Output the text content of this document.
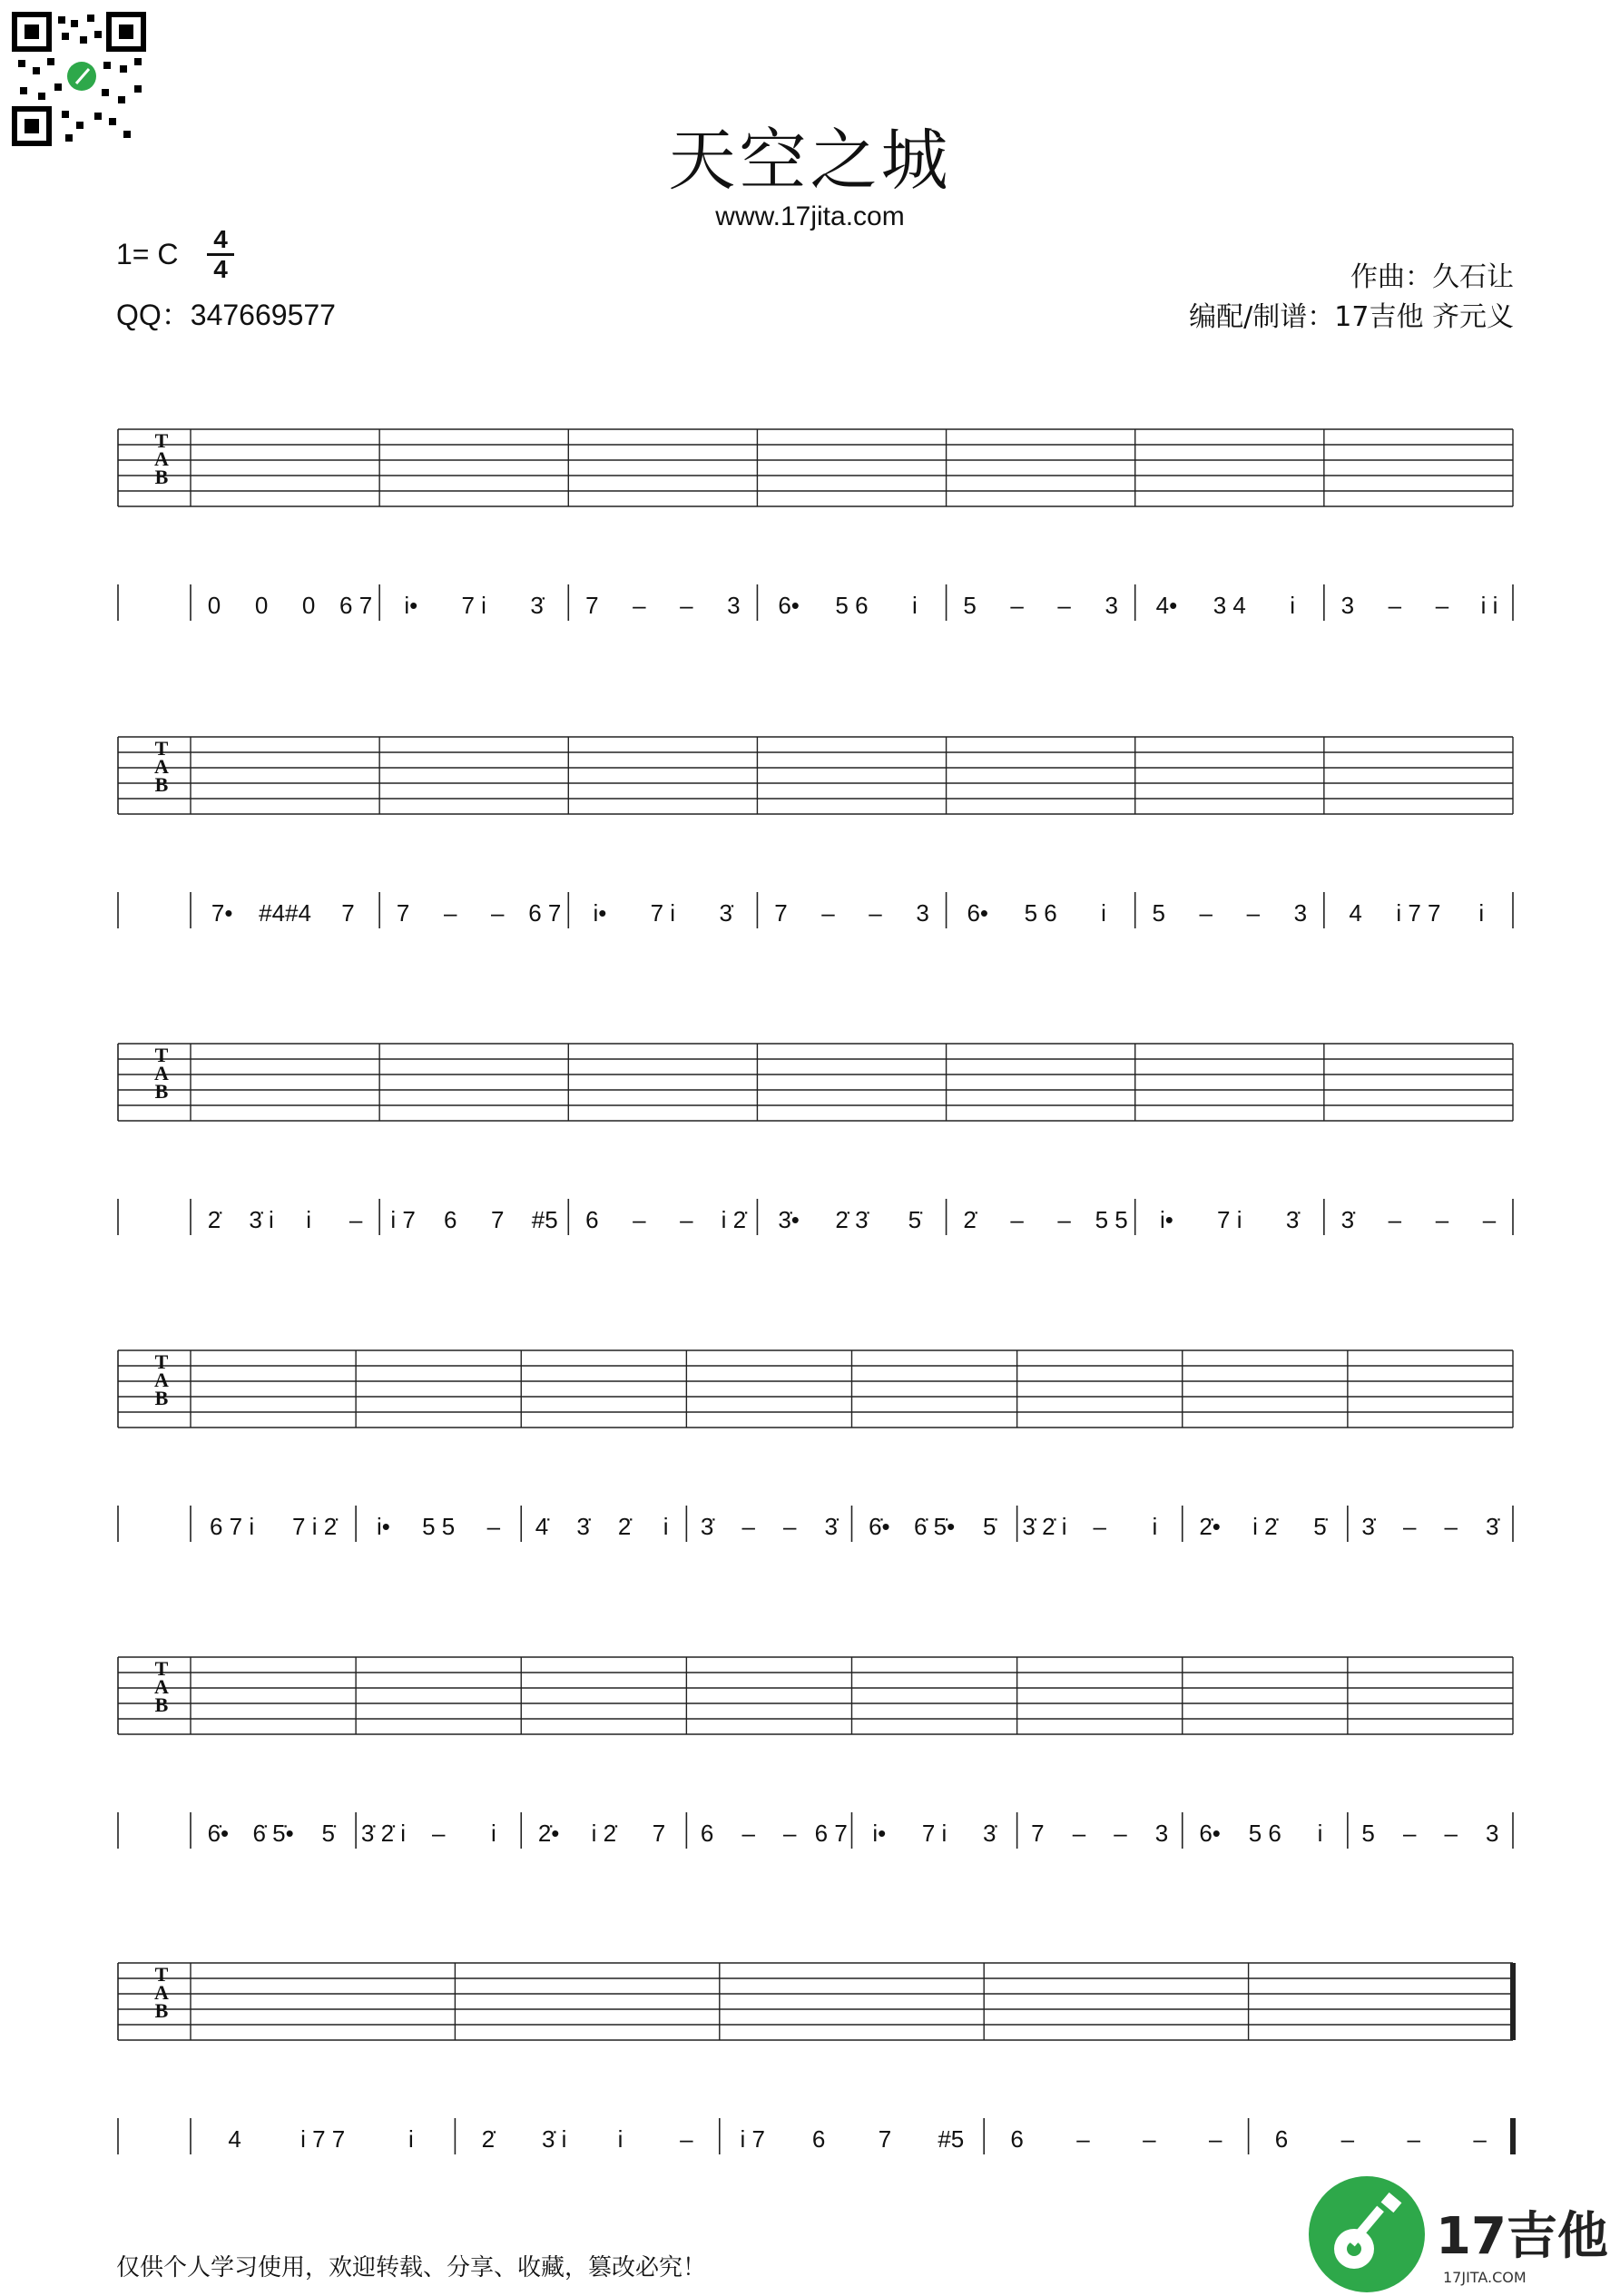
天空之城
www.17jita.com
1= C 4
4
QQ：347669577
作曲：久石让
编配/制谱：17吉他 齐元义
T
A
B
0 0 0 6 7 i• 7 i 3̇ 7 – – 3 6• 5 6 i 5 – – 3 4• 3 4 i 3 – – i i
T
A
B
7• #4#4 7 7 – – 6 7 i• 7 i 3̇ 7 – – 3 6• 5 6 i 5 – – 3 4 i 7 7 i
T
A
B
2̇ 3̇ i i – i 7 6 7 #5 6 – – i 2̇ 3̇• 2̇ 3̇ 5̇ 2̇ – – 5 5 i• 7 i 3̇ 3̇ – – –
T
A
B
6 7 i 7 i 2̇ i• 5 5 – 4̇ 3̇ 2̇ i 3̇ – – 3̇ 6̇• 6̇ 5̇• 5̇ 3̇ 2̇ i – i 2̇• i 2̇ 5̇ 3̇ – – 3̇
T
A
B
6̇• 6̇ 5̇• 5̇ 3̇ 2̇ i – i 2̇• i 2̇ 7 6 – – 6 7 i• 7 i 3̇ 7 – – 3 6• 5 6 i 5 – – 3
T
A
B
4	i 7 7	i	2̇ 3̇ i i – i 7 6 7 #5 6 – – – 6 – – –
仅供个人学习使用，欢迎转载、分享、收藏，篡改必究！
17吉他
17JITA.COM
